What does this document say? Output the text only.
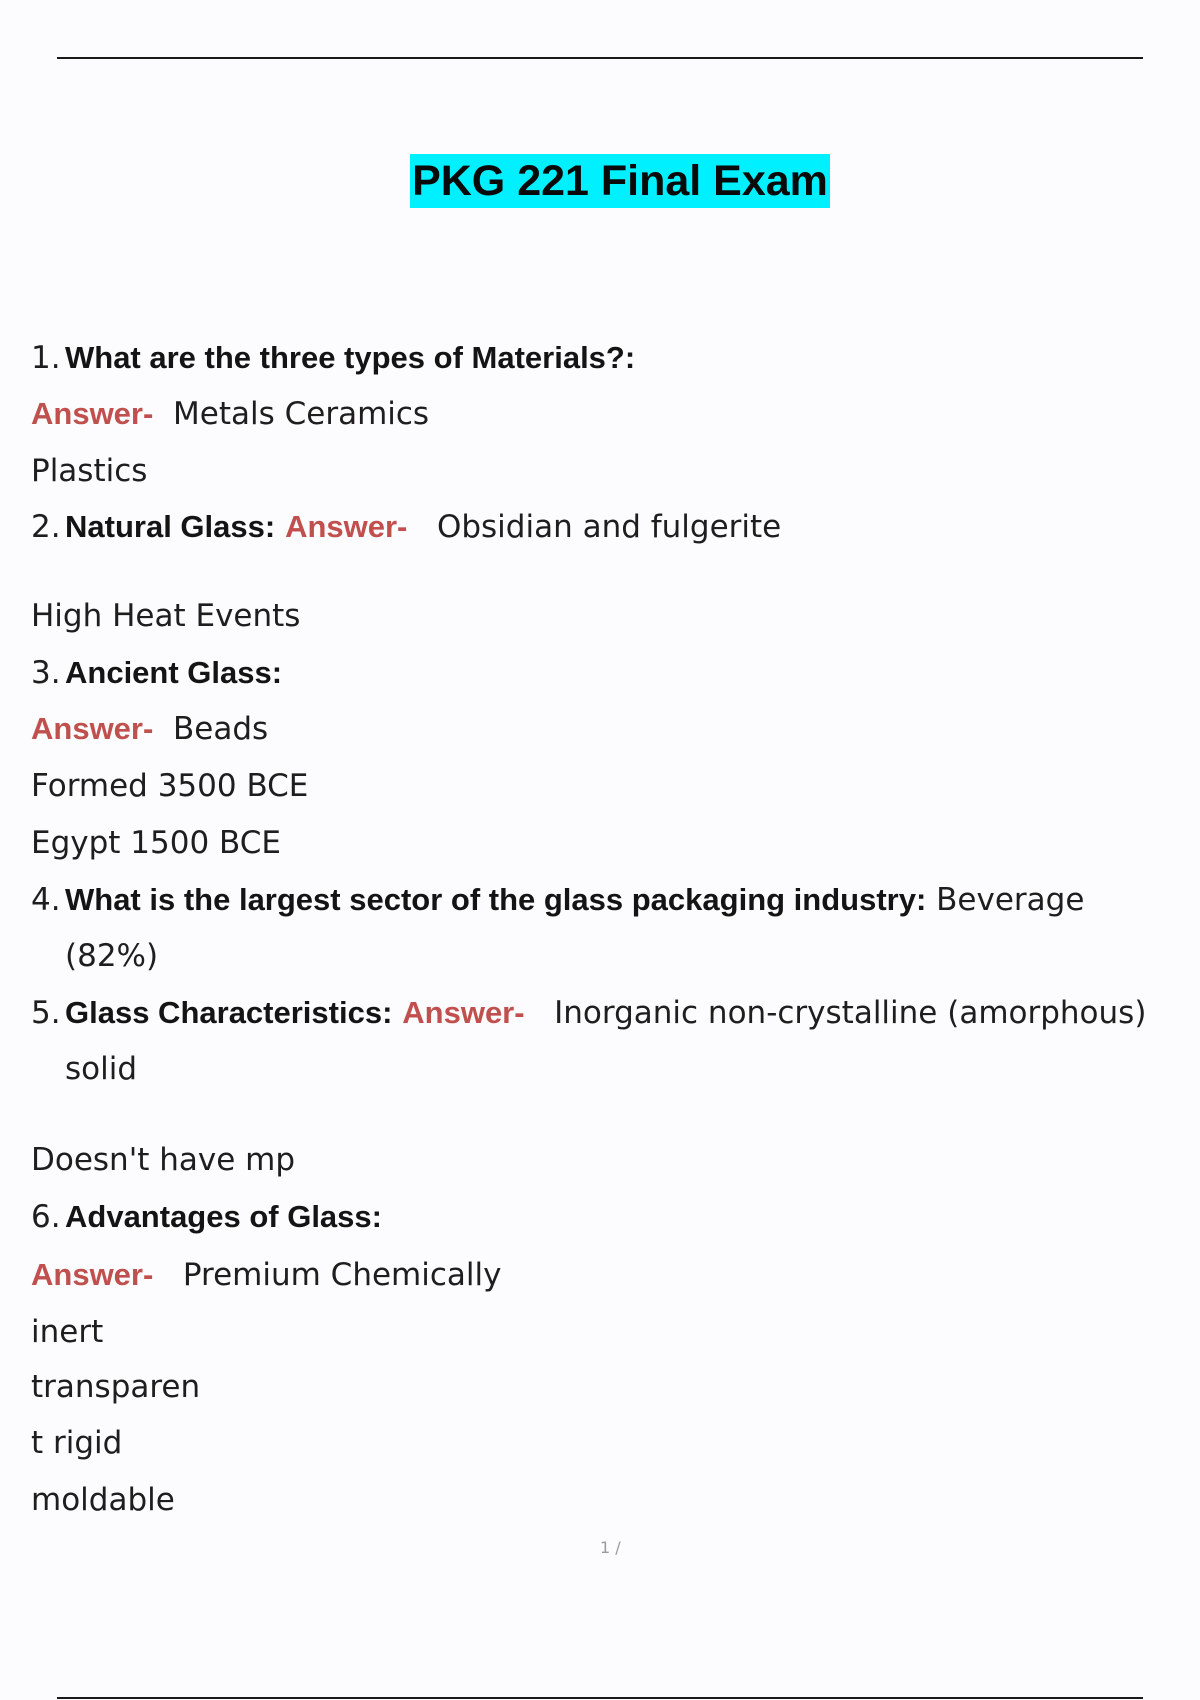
PKG 221 Final Exam
1. What are the three types of Materials?:
Answer- Metals Ceramics
Plastics
2. Natural Glass: Answer- Obsidian and fulgerite
High Heat Events
3. Ancient Glass:
Answer- Beads
Formed 3500 BCE
Egypt 1500 BCE
4. What is the largest sector of the glass packaging industry: Beverage
(82%)
5. Glass Characteristics: Answer- Inorganic non-crystalline (amorphous)
solid
Doesn't have mp
6. Advantages of Glass:
Answer- Premium Chemically
inert
transparen
t rigid
moldable
1 /
